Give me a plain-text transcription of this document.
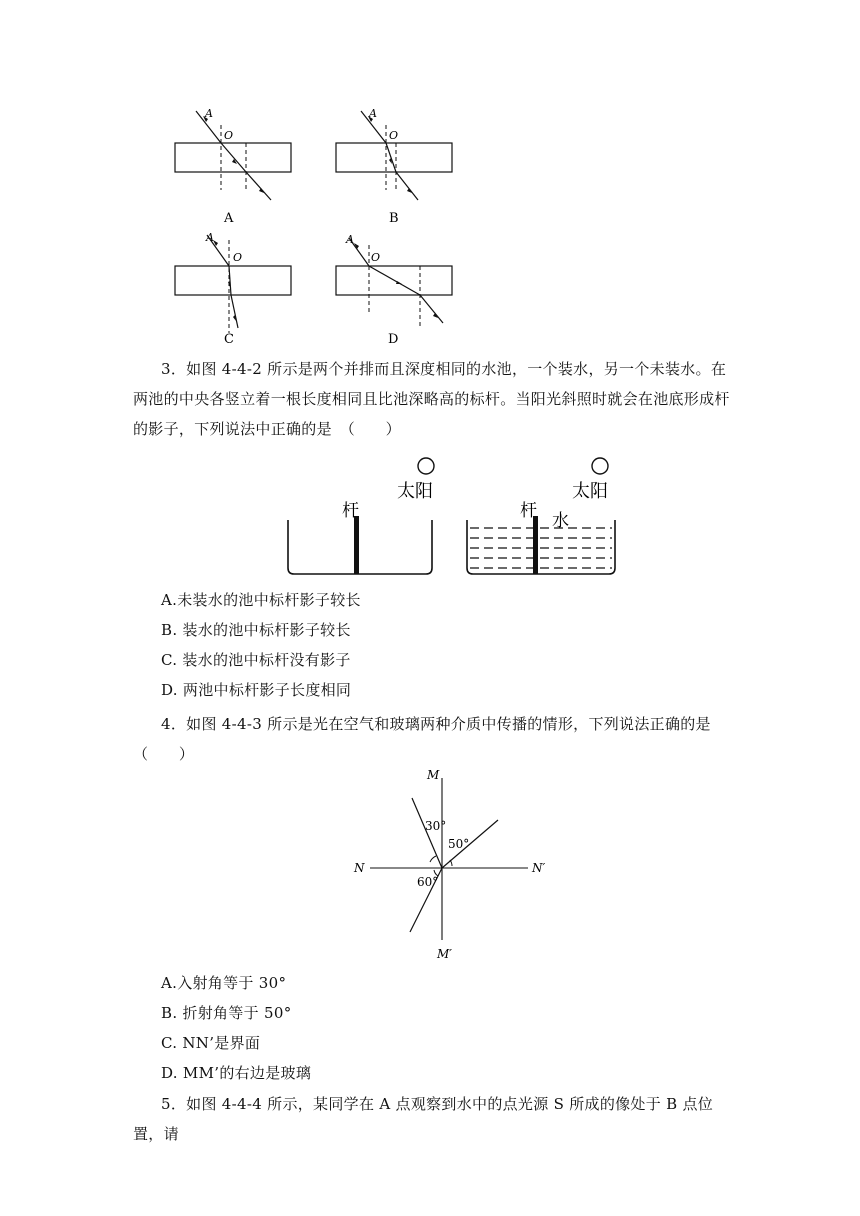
A
O
A
A
O
B
A
O
C
A
O
D
3．如图 4-4-2 所示是两个并排而且深度相同的水池，一个装水，另一个未装水。在两池的中央各竖立着一根长度相同且比池深略高的标杆。当阳光斜照时就会在池底形成杆的影子，下列说法中正确的是　（　　）
杆
太阳
杆 水
太阳
A.未装水的池中标杆影子较长
B. 装水的池中标杆影子较长
C. 装水的池中标杆没有影子
D. 两池中标杆影子长度相同
4．如图 4-4-3 所示是光在空气和玻璃两种介质中传播的情形，下列说法正确的是（　　）
M
M′
N	N′
30°
50°
60°
A.入射角等于 30°
B. 折射角等于 50°
C. NN’是界面
D. MM’的右边是玻璃
5．如图 4-4-4 所示，某同学在 A 点观察到水中的点光源 S 所成的像处于 B 点位置，请
